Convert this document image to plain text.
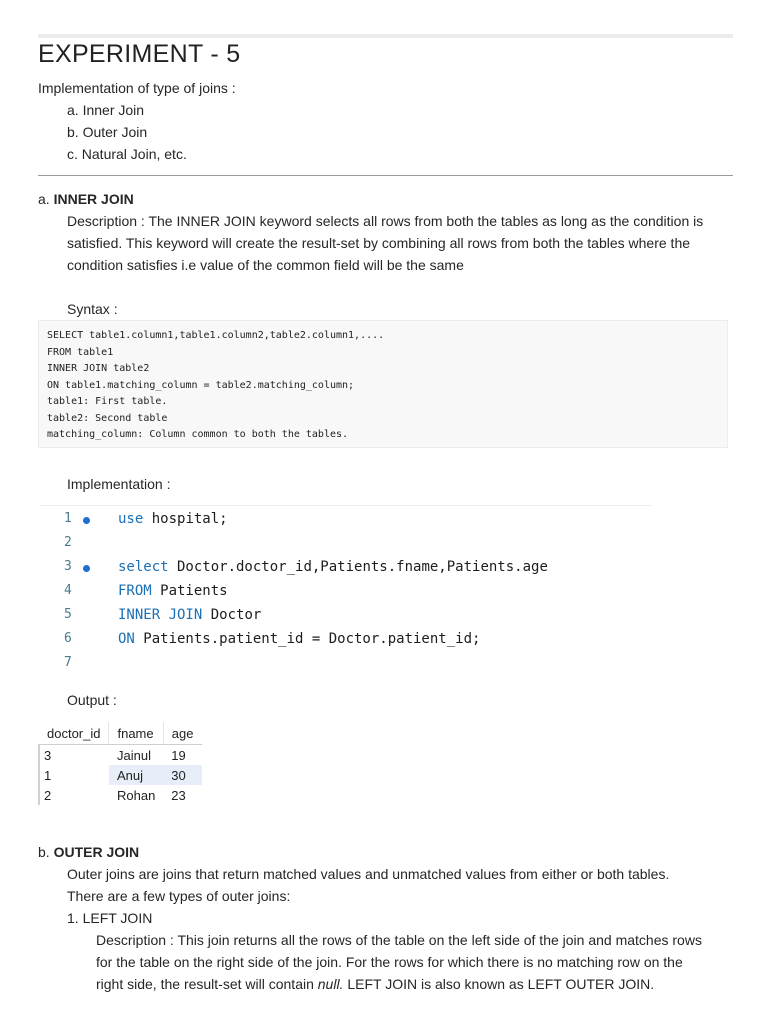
EXPERIMENT - 5
Implementation of type of joins :
a. Inner Join
b. Outer Join
c. Natural Join, etc.
a. INNER JOIN
Description : The INNER JOIN keyword selects all rows from both the tables as long as the condition is
satisfied. This keyword will create the result-set by combining all rows from both the tables where the
condition satisfies i.e value of the common field will be the same
Syntax :
SELECT table1.column1,table1.column2,table2.column1,....
FROM table1
INNER JOIN table2
ON table1.matching_column = table2.matching_column;
table1: First table.
table2: Second table
matching_column: Column common to both the tables.
Implementation :
1	use hospital;
2
3	select Doctor.doctor_id,Patients.fname,Patients.age
4	FROM Patients
5	INNER JOIN Doctor
6	ON Patients.patient_id = Doctor.patient_id;
7
Output :
doctor_id	fname	age
3	Jainul	19
1	Anuj	30
2	Rohan	23
b. OUTER JOIN
Outer joins are joins that return matched values and unmatched values from either or both tables.
There are a few types of outer joins:
1. LEFT JOIN
Description : This join returns all the rows of the table on the left side of the join and matches rows
for the table on the right side of the join. For the rows for which there is no matching row on the
right side, the result-set will contain null. LEFT JOIN is also known as LEFT OUTER JOIN.
